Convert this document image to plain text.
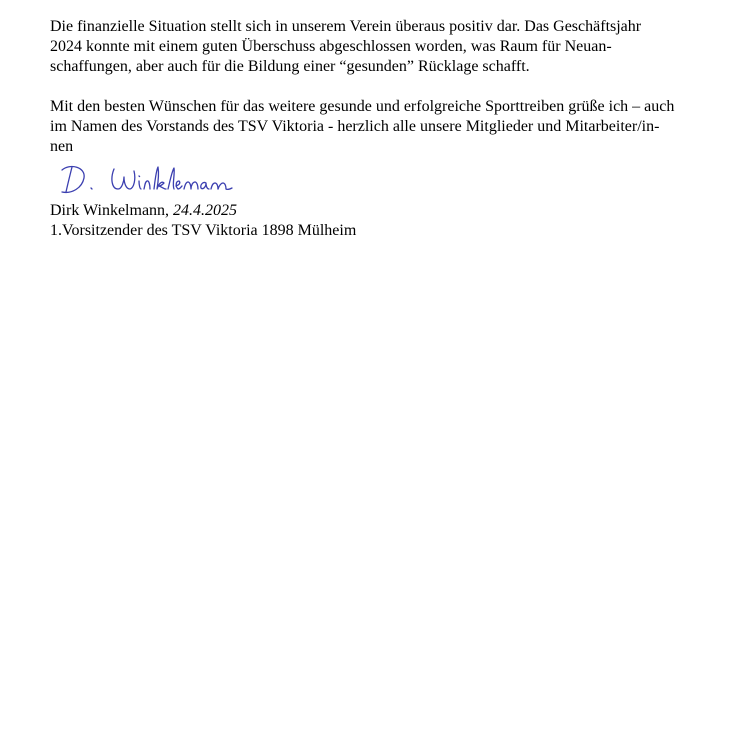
Die finanzielle Situation stellt sich in unserem Verein überaus positiv dar. Das Geschäftsjahr
2024 konnte mit einem guten Überschuss abgeschlossen worden, was Raum für Neuan-
schaffungen, aber auch für die Bildung einer “gesunden” Rücklage schafft.

Mit den besten Wünschen für das weitere gesunde und erfolgreiche Sporttreiben grüße ich – auch
im Namen des Vorstands des TSV Viktoria - herzlich alle unsere Mitglieder und Mitarbeiter/in-
nen

Dirk Winkelmann, 24.4.2025
1.Vorsitzender des TSV Viktoria 1898 Mülheim
